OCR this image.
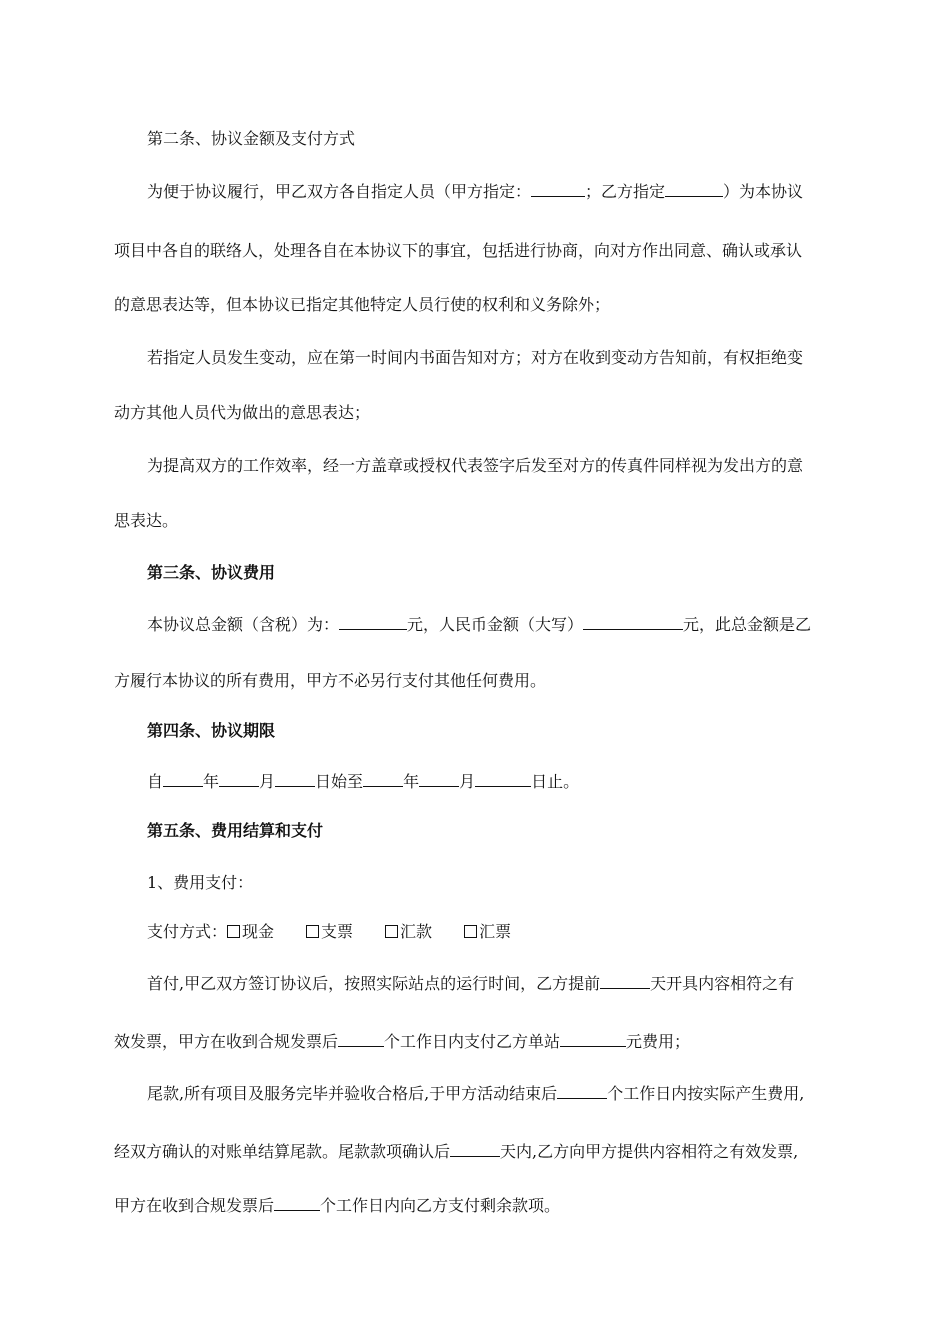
第二条、协议金额及支付方式
为便于协议履行，甲乙双方各自指定人员（甲方指定：	；乙方指定	）为本协议
项目中各自的联络人，处理各自在本协议下的事宜，包括进行协商，向对方作出同意、确认或承认
的意思表达等，但本协议已指定其他特定人员行使的权利和义务除外；
若指定人员发生变动，应在第一时间内书面告知对方；对方在收到变动方告知前，有权拒绝变
动方其他人员代为做出的意思表达；
为提高双方的工作效率，经一方盖章或授权代表签字后发至对方的传真件同样视为发出方的意
思表达。
第三条、协议费用
本协议总金额（含税）为：	元，人民币金额（大写）	元，此总金额是乙
方履行本协议的所有费用，甲方不必另行支付其他任何费用。
第四条、协议期限
自	年	月	日始至	年	月	日止。
第五条、费用结算和支付
1、费用支付：
支付方式： 现金	支票	汇款	汇票
首付,甲乙双方签订协议后，按照实际站点的运行时间，乙方提前	天开具内容相符之有
效发票，甲方在收到合规发票后	个工作日内支付乙方单站	元费用；
尾款,所有项目及服务完毕并验收合格后,于甲方活动结束后	个工作日内按实际产生费用,
经双方确认的对账单结算尾款。尾款款项确认后	天内,乙方向甲方提供内容相符之有效发票,
甲方在收到合规发票后	个工作日内向乙方支付剩余款项。
